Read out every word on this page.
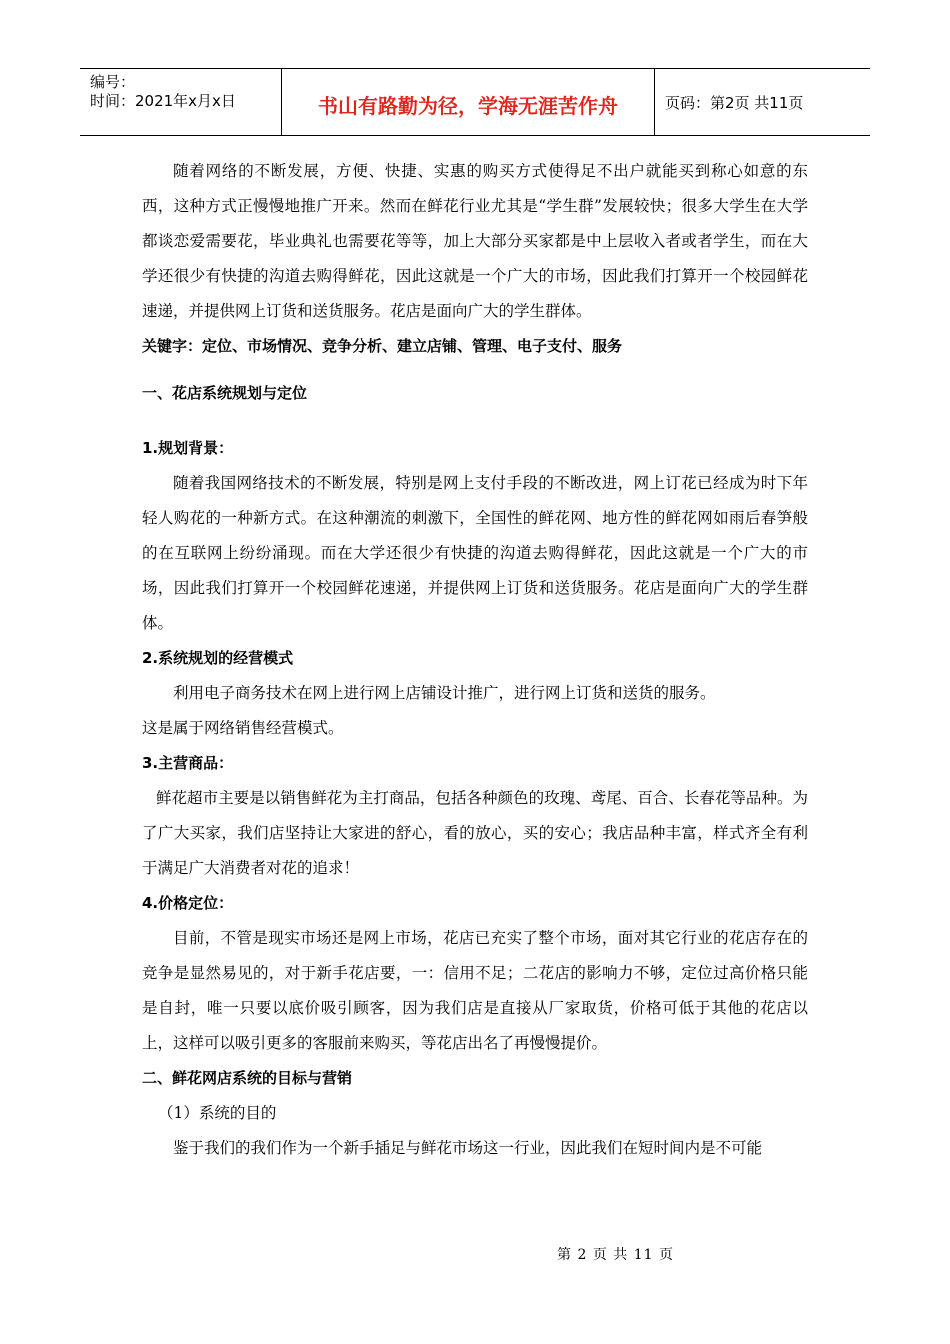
编号：
时间：2021年x月x日	书山有路勤为径，学海无涯苦作舟	页码：第2页 共11页

随着网络的不断发展，方便、快捷、实惠的购买方式使得足不出户就能买到称心如意的东西，这种方式正慢慢地推广开来。然而在鲜花行业尤其是“学生群”发展较快；很多大学生在大学都谈恋爱需要花，毕业典礼也需要花等等，加上大部分买家都是中上层收入者或者学生，而在大学还很少有快捷的沟道去购得鲜花，因此这就是一个广大的市场，因此我们打算开一个校园鲜花速递，并提供网上订货和送货服务。花店是面向广大的学生群体。

关键字：定位、市场情况、竞争分析、建立店铺、管理、电子支付、服务

一、花店系统规划与定位

1.规划背景：

随着我国网络技术的不断发展，特别是网上支付手段的不断改进，网上订花已经成为时下年轻人购花的一种新方式。在这种潮流的刺激下，全国性的鲜花网、地方性的鲜花网如雨后春笋般的在互联网上纷纷涌现。而在大学还很少有快捷的沟道去购得鲜花，因此这就是一个广大的市场，因此我们打算开一个校园鲜花速递，并提供网上订货和送货服务。花店是面向广大的学生群体。

2.系统规划的经营模式

利用电子商务技术在网上进行网上店铺设计推广，进行网上订货和送货的服务。

这是属于网络销售经营模式。

3.主营商品：

鲜花超市主要是以销售鲜花为主打商品，包括各种颜色的玫瑰、鸢尾、百合、长春花等品种。为了广大买家，我们店坚持让大家进的舒心，看的放心，买的安心；我店品种丰富，样式齐全有利于满足广大消费者对花的追求！

4.价格定位：

目前，不管是现实市场还是网上市场，花店已充实了整个市场，面对其它行业的花店存在的竞争是显然易见的，对于新手花店要，一：信用不足；二花店的影响力不够，定位过高价格只能是自封，唯一只要以底价吸引顾客，因为我们店是直接从厂家取货，价格可低于其他的花店以上，这样可以吸引更多的客服前来购买，等花店出名了再慢慢提价。

二、鲜花网店系统的目标与营销

（1）系统的目的

鉴于我们的我们作为一个新手插足与鲜花市场这一行业，因此我们在短时间内是不可能

第 2 页 共 11 页
